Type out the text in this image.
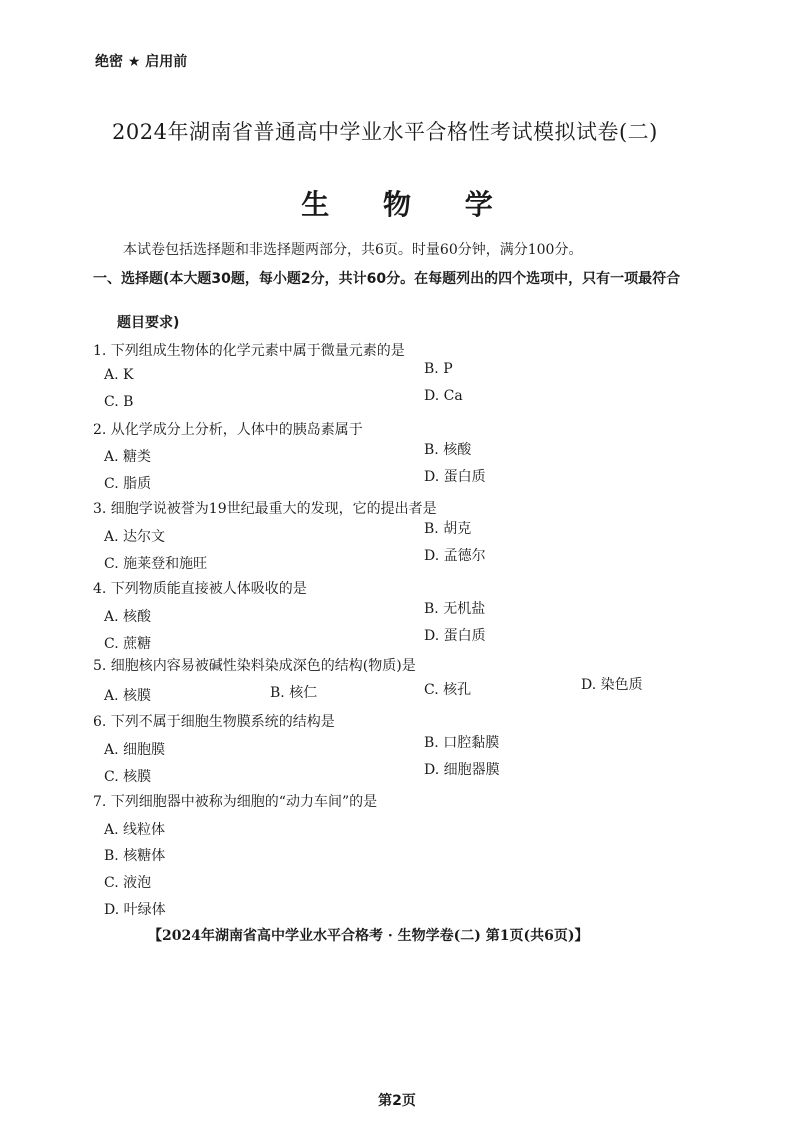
绝密 ★ 启用前
2024年湖南省普通高中学业水平合格性考试模拟试卷(二)
生 物 学
本试卷包括选择题和非选择题两部分，共6页。时量60分钟，满分100分。
一、选择题(本大题30题，每小题2分，共计60分。在每题列出的四个选项中，只有一项最符合
题目要求)
1. 下列组成生物体的化学元素中属于微量元素的是
A. K	B. P
C. B	D. Ca
2. 从化学成分上分析，人体中的胰岛素属于
A. 糖类	B. 核酸
C. 脂质	D. 蛋白质
3. 细胞学说被誉为19世纪最重大的发现，它的提出者是
A. 达尔文	B. 胡克
C. 施莱登和施旺	D. 孟德尔
4. 下列物质能直接被人体吸收的是
A. 核酸	B. 无机盐
C. 蔗糖	D. 蛋白质
5. 细胞核内容易被碱性染料染成深色的结构(物质)是
A. 核膜	B. 核仁	C. 核孔	D. 染色质
6. 下列不属于细胞生物膜系统的结构是
A. 细胞膜	B. 口腔黏膜
C. 核膜	D. 细胞器膜
7. 下列细胞器中被称为细胞的“动力车间”的是
A. 线粒体
B. 核糖体
C. 液泡
D. 叶绿体
【2024年湖南省高中学业水平合格考 · 生物学卷(二) 第1页(共6页)】
第2页
